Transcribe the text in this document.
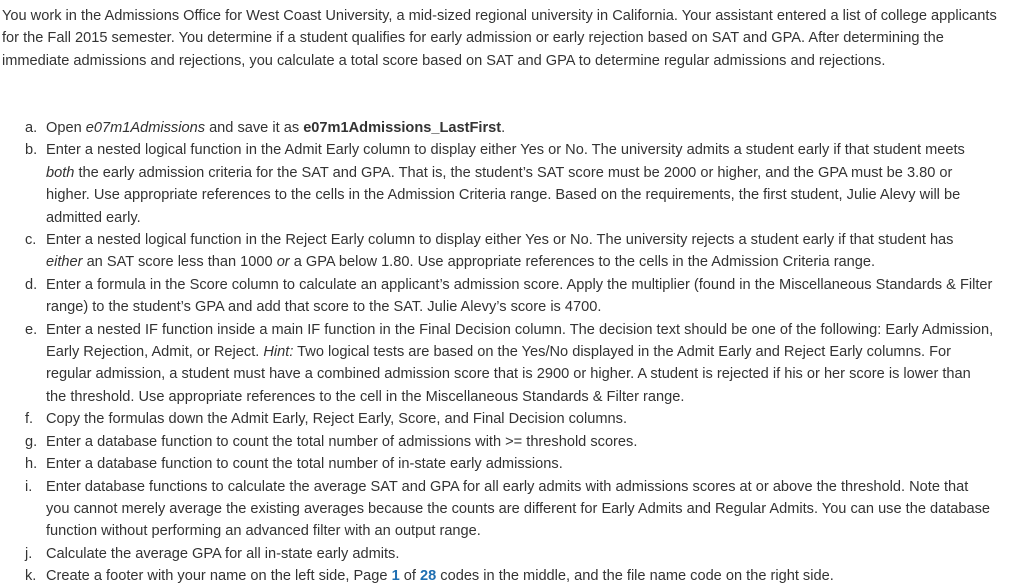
You work in the Admissions Office for West Coast University, a mid-sized regional university in California. Your assistant entered a list of college applicants for the Fall 2015 semester. You determine if a student qualifies for early admission or early rejection based on SAT and GPA. After determining the immediate admissions and rejections, you calculate a total score based on SAT and GPA to determine regular admissions and rejections.

a. Open e07m1Admissions and save it as e07m1Admissions_LastFirst.
b. Enter a nested logical function in the Admit Early column to display either Yes or No. The university admits a student early if that student meets both the early admission criteria for the SAT and GPA. That is, the student’s SAT score must be 2000 or higher, and the GPA must be 3.80 or higher. Use appropriate references to the cells in the Admission Criteria range. Based on the requirements, the first student, Julie Alevy will be admitted early.
c. Enter a nested logical function in the Reject Early column to display either Yes or No. The university rejects a student early if that student has either an SAT score less than 1000 or a GPA below 1.80. Use appropriate references to the cells in the Admission Criteria range.
d. Enter a formula in the Score column to calculate an applicant’s admission score. Apply the multiplier (found in the Miscellaneous Standards & Filter range) to the student’s GPA and add that score to the SAT. Julie Alevy’s score is 4700.
e. Enter a nested IF function inside a main IF function in the Final Decision column. The decision text should be one of the following: Early Admission, Early Rejection, Admit, or Reject. Hint: Two logical tests are based on the Yes/No displayed in the Admit Early and Reject Early columns. For regular admission, a student must have a combined admission score that is 2900 or higher. A student is rejected if his or her score is lower than the threshold. Use appropriate references to the cell in the Miscellaneous Standards & Filter range.
f. Copy the formulas down the Admit Early, Reject Early, Score, and Final Decision columns.
g. Enter a database function to count the total number of admissions with >= threshold scores.
h. Enter a database function to count the total number of in-state early admissions.
i. Enter database functions to calculate the average SAT and GPA for all early admits with admissions scores at or above the threshold. Note that you cannot merely average the existing averages because the counts are different for Early Admits and Regular Admits. You can use the database function without performing an advanced filter with an output range.
j. Calculate the average GPA for all in-state early admits.
k. Create a footer with your name on the left side, Page 1 of 28 codes in the middle, and the file name code on the right side.
